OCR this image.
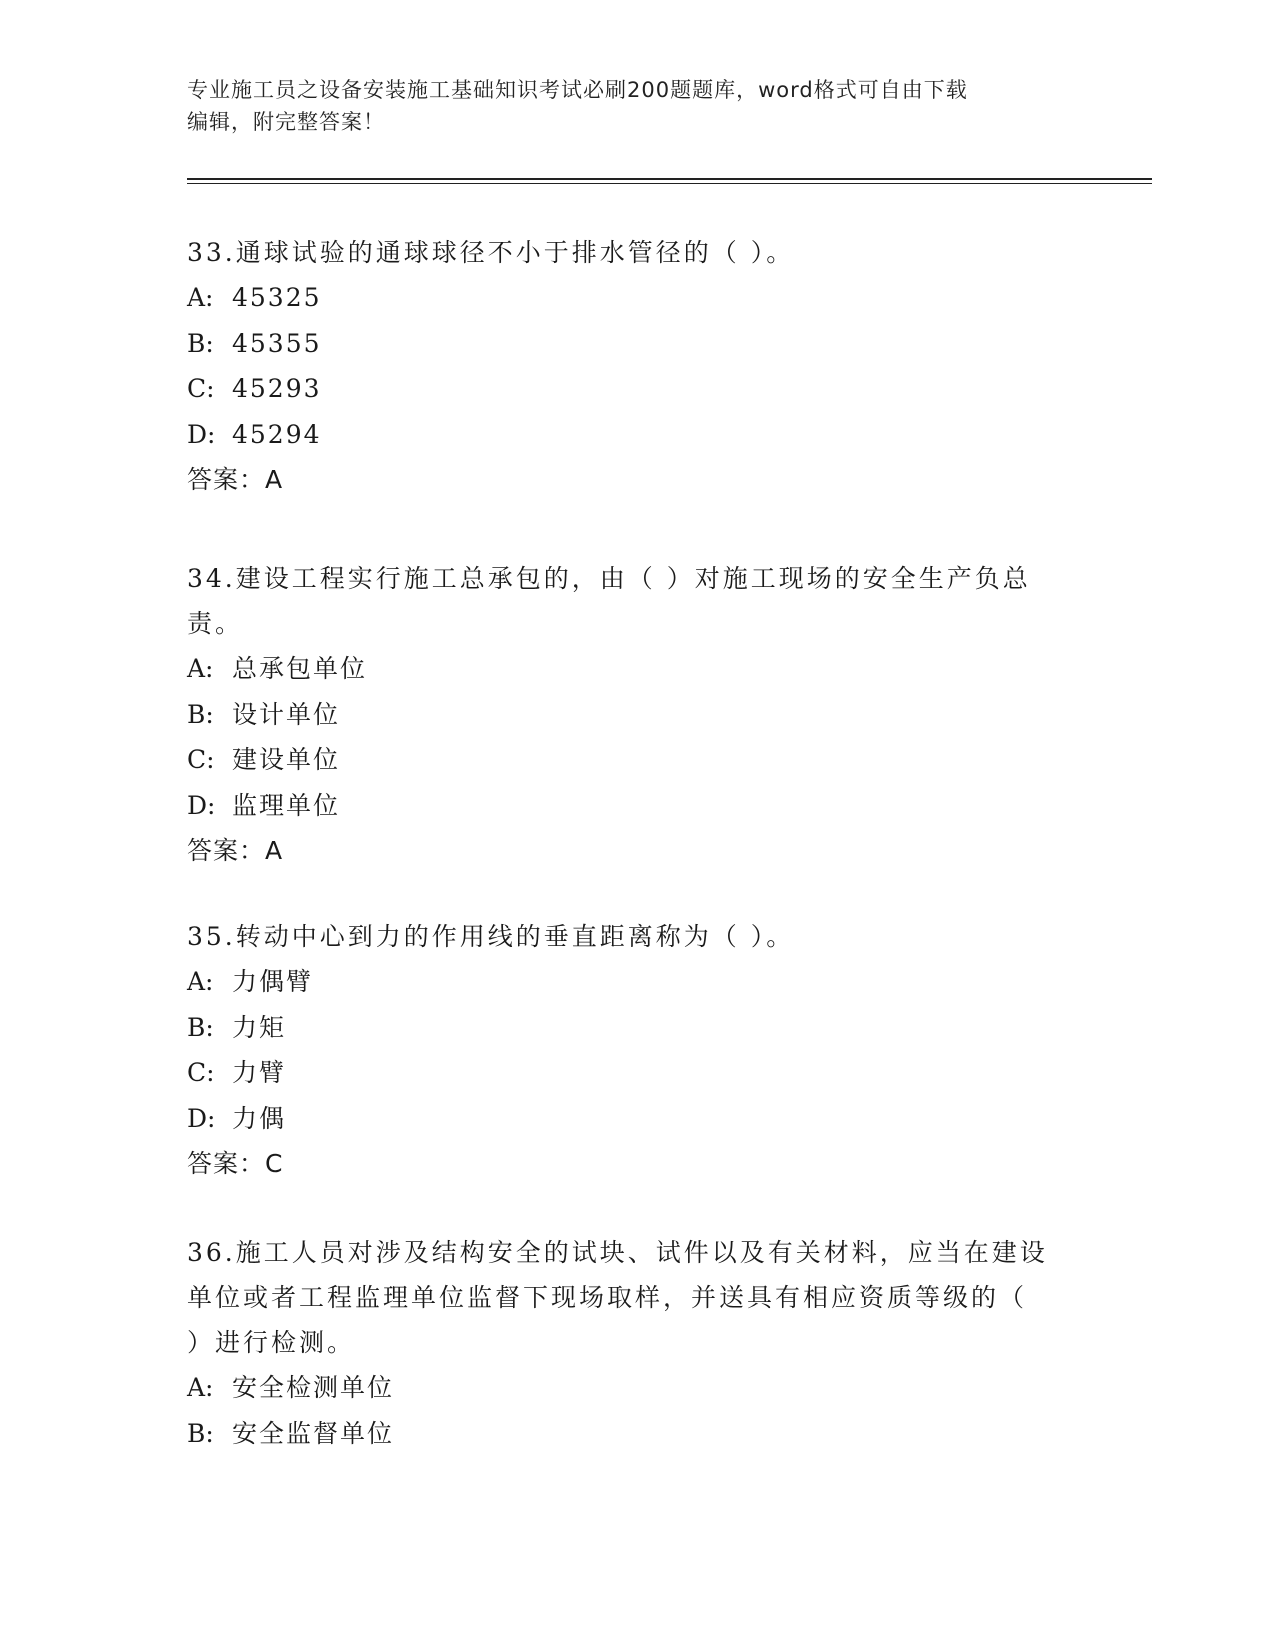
专业施工员之设备安装施工基础知识考试必刷200题题库，word格式可自由下载
编辑，附完整答案！

33.通球试验的通球球径不小于排水管径的（ ）。

A: 45325

B: 45355

C: 45293

D: 45294

答案：A

34.建设工程实行施工总承包的，由（ ）对施工现场的安全生产负总

责。

A: 总承包单位

B: 设计单位

C: 建设单位

D: 监理单位

答案：A

35.转动中心到力的作用线的垂直距离称为（ ）。

A: 力偶臂

B: 力矩

C: 力臂

D: 力偶

答案：C

36.施工人员对涉及结构安全的试块、试件以及有关材料，应当在建设

单位或者工程监理单位监督下现场取样，并送具有相应资质等级的（

）进行检测。

A: 安全检测单位

B: 安全监督单位
